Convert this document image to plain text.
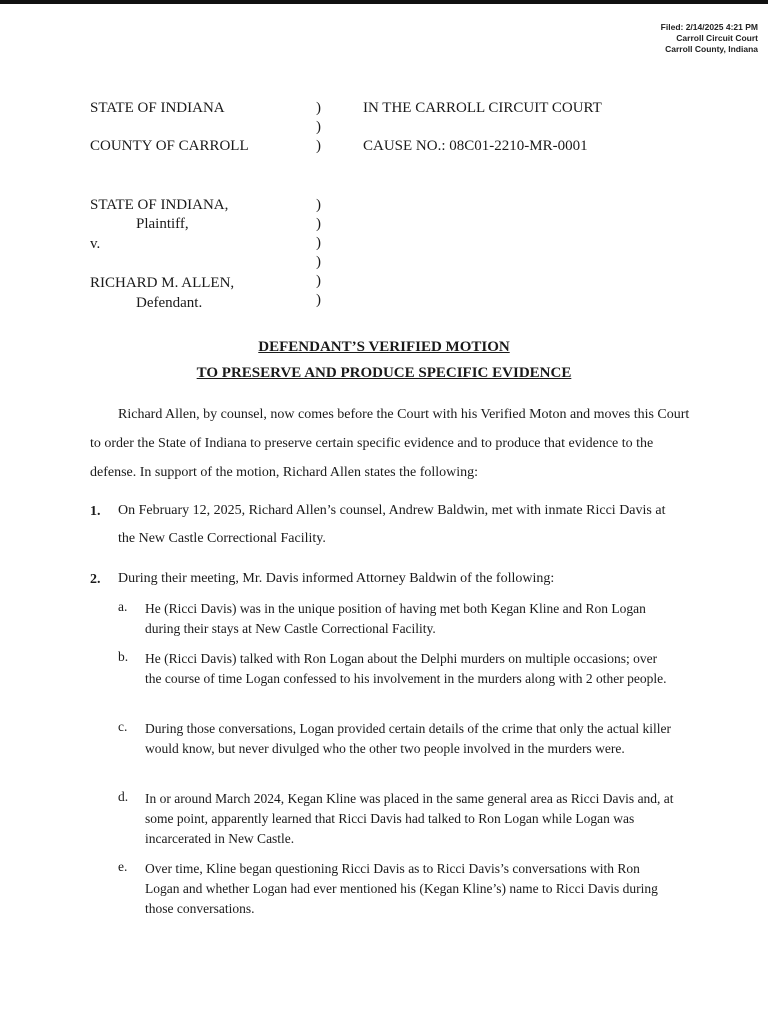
Filed: 2/14/2025 4:21 PM
Carroll Circuit Court
Carroll County, Indiana
STATE OF INDIANA
COUNTY OF CARROLL
)
)
)
IN THE CARROLL CIRCUIT COURT
CAUSE NO.: 08C01-2210-MR-0001
STATE OF INDIANA,
Plaintiff,
v.
RICHARD M. ALLEN,
Defendant.
)
)
)
)
)
)
DEFENDANT’S VERIFIED MOTION
TO PRESERVE AND PRODUCE SPECIFIC EVIDENCE
Richard Allen, by counsel, now comes before the Court with his Verified Moton and moves this Court to order the State of Indiana to preserve certain specific evidence and to produce that evidence to the defense. In support of the motion, Richard Allen states the following:
1. On February 12, 2025, Richard Allen’s counsel, Andrew Baldwin, met with inmate Ricci Davis at the New Castle Correctional Facility.
2. During their meeting, Mr. Davis informed Attorney Baldwin of the following:
a. He (Ricci Davis) was in the unique position of having met both Kegan Kline and Ron Logan during their stays at New Castle Correctional Facility.
b. He (Ricci Davis) talked with Ron Logan about the Delphi murders on multiple occasions; over the course of time Logan confessed to his involvement in the murders along with 2 other people.
c. During those conversations, Logan provided certain details of the crime that only the actual killer would know, but never divulged who the other two people involved in the murders were.
d. In or around March 2024, Kegan Kline was placed in the same general area as Ricci Davis and, at some point, apparently learned that Ricci Davis had talked to Ron Logan while Logan was incarcerated in New Castle.
e. Over time, Kline began questioning Ricci Davis as to Ricci Davis’s conversations with Ron Logan and whether Logan had ever mentioned his (Kegan Kline’s) name to Ricci Davis during those conversations.
